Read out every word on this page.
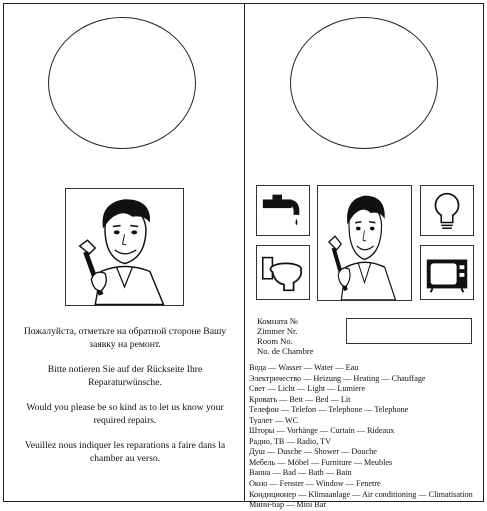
Пожалуйста, отметьте на обратной стороне Вашу заявку на ремонт.

Bitte notieren Sie auf der Rückseite Ihre Reparaturwünsche.

Would you please be so kind as to let us know your required repairs.

Veuillez nous indiquer les reparations a faire dans la chamber au verso.

Комната №
Zimmer Nr.
Room No.
No. de Chambre
Вода — Wasser — Water — Eau
Электричество — Heizung — Heating — Chauffage
Свет — Licht — Light — Lumiere
Кровать — Bett — Bed — Lit
Телефон — Telefon — Telephone — Telephone
Туалет — WC
Шторы — Vorhänge — Curtain — Rideaux
Радио, ТВ — Radio, TV
Душ — Dusche — Shower — Douche
Мебель — Möbel — Furniture — Meubles
Ванна — Bad — Bath — Bain
Окно — Fenster — Window — Fenetre
Кондиционер — Klimaanlage — Air conditioning — Climatisation
Мини-бар — Mini Bar
